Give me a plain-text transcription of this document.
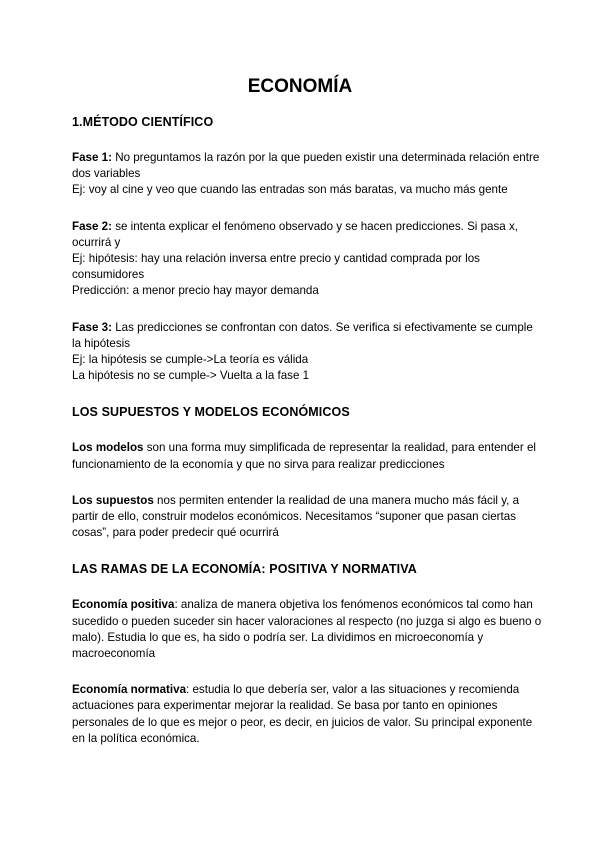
ECONOMÍA
1.MÉTODO CIENTÍFICO

Fase 1: No preguntamos la razón por la que pueden existir una determinada relación entre dos variables
Ej: voy al cine y veo que cuando las entradas son más baratas, va mucho más gente

Fase 2: se intenta explicar el fenómeno observado y se hacen predicciones. Si pasa x, ocurrirá y
Ej: hipótesis: hay una relación inversa entre precio y cantidad comprada por los consumidores
Predicción: a menor precio hay mayor demanda

Fase 3: Las predicciones se confrontan con datos. Se verifica si efectivamente se cumple la hipótesis
Ej: la hipótesis se cumple->La teoría es válida
La hipótesis no se cumple-> Vuelta a la fase 1

LOS SUPUESTOS Y MODELOS ECONÓMICOS

Los modelos son una forma muy simplificada de representar la realidad, para entender el funcionamiento de la economía y que no sirva para realizar predicciones

Los supuestos nos permiten entender la realidad de una manera mucho más fácil y, a partir de ello, construir modelos económicos. Necesitamos “suponer que pasan ciertas cosas”, para poder predecir qué ocurrirá

LAS RAMAS DE LA ECONOMÍA: POSITIVA Y NORMATIVA

Economía positiva: analiza de manera objetiva los fenómenos económicos tal como han sucedido o pueden suceder sin hacer valoraciones al respecto (no juzga si algo es bueno o malo). Estudia lo que es, ha sido o podría ser. La dividimos en microeconomía y macroeconomía

Economía normativa: estudia lo que debería ser, valor a las situaciones y recomienda actuaciones para experimentar mejorar la realidad. Se basa por tanto en opiniones personales de lo que es mejor o peor, es decir, en juicios de valor. Su principal exponente en la política económica.
